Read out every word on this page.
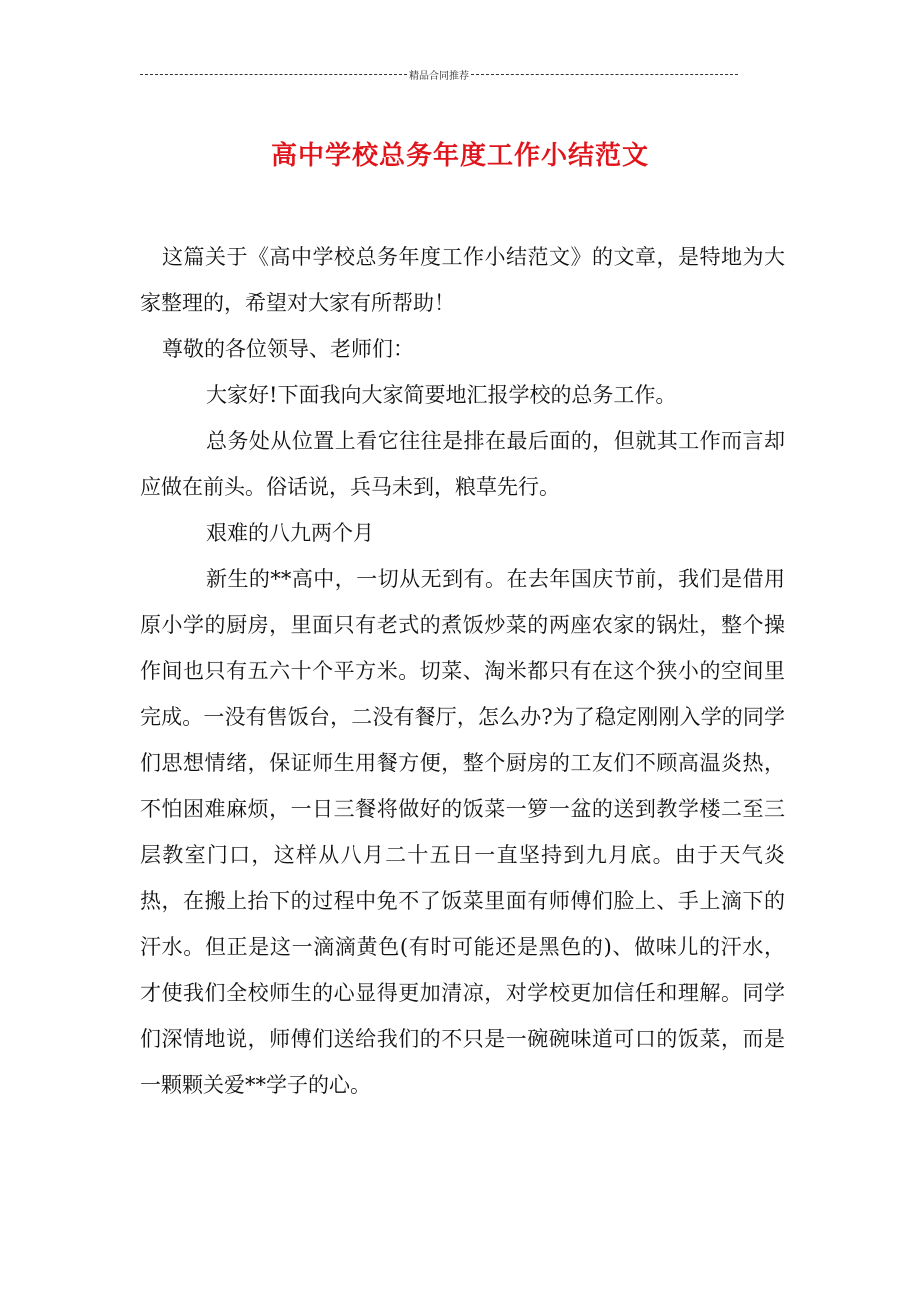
精品合同推荐
高中学校总务年度工作小结范文

这篇关于《高中学校总务年度工作小结范文》的文章，是特地为大家整理的，希望对大家有所帮助！

尊敬的各位领导、老师们：

大家好!下面我向大家简要地汇报学校的总务工作。

总务处从位置上看它往往是排在最后面的，但就其工作而言却应做在前头。俗话说，兵马未到，粮草先行。

艰难的八九两个月

新生的**高中，一切从无到有。在去年国庆节前，我们是借用原小学的厨房，里面只有老式的煮饭炒菜的两座农家的锅灶，整个操作间也只有五六十个平方米。切菜、淘米都只有在这个狭小的空间里完成。一没有售饭台，二没有餐厅，怎么办?为了稳定刚刚入学的同学们思想情绪，保证师生用餐方便，整个厨房的工友们不顾高温炎热，不怕困难麻烦，一日三餐将做好的饭菜一箩一盆的送到教学楼二至三层教室门口，这样从八月二十五日一直坚持到九月底。由于天气炎热，在搬上抬下的过程中免不了饭菜里面有师傅们脸上、手上滴下的汗水。但正是这一滴滴黄色(有时可能还是黑色的)、做味儿的汗水，才使我们全校师生的心显得更加清凉，对学校更加信任和理解。同学们深情地说，师傅们送给我们的不只是一碗碗味道可口的饭菜，而是一颗颗关爱**学子的心。
